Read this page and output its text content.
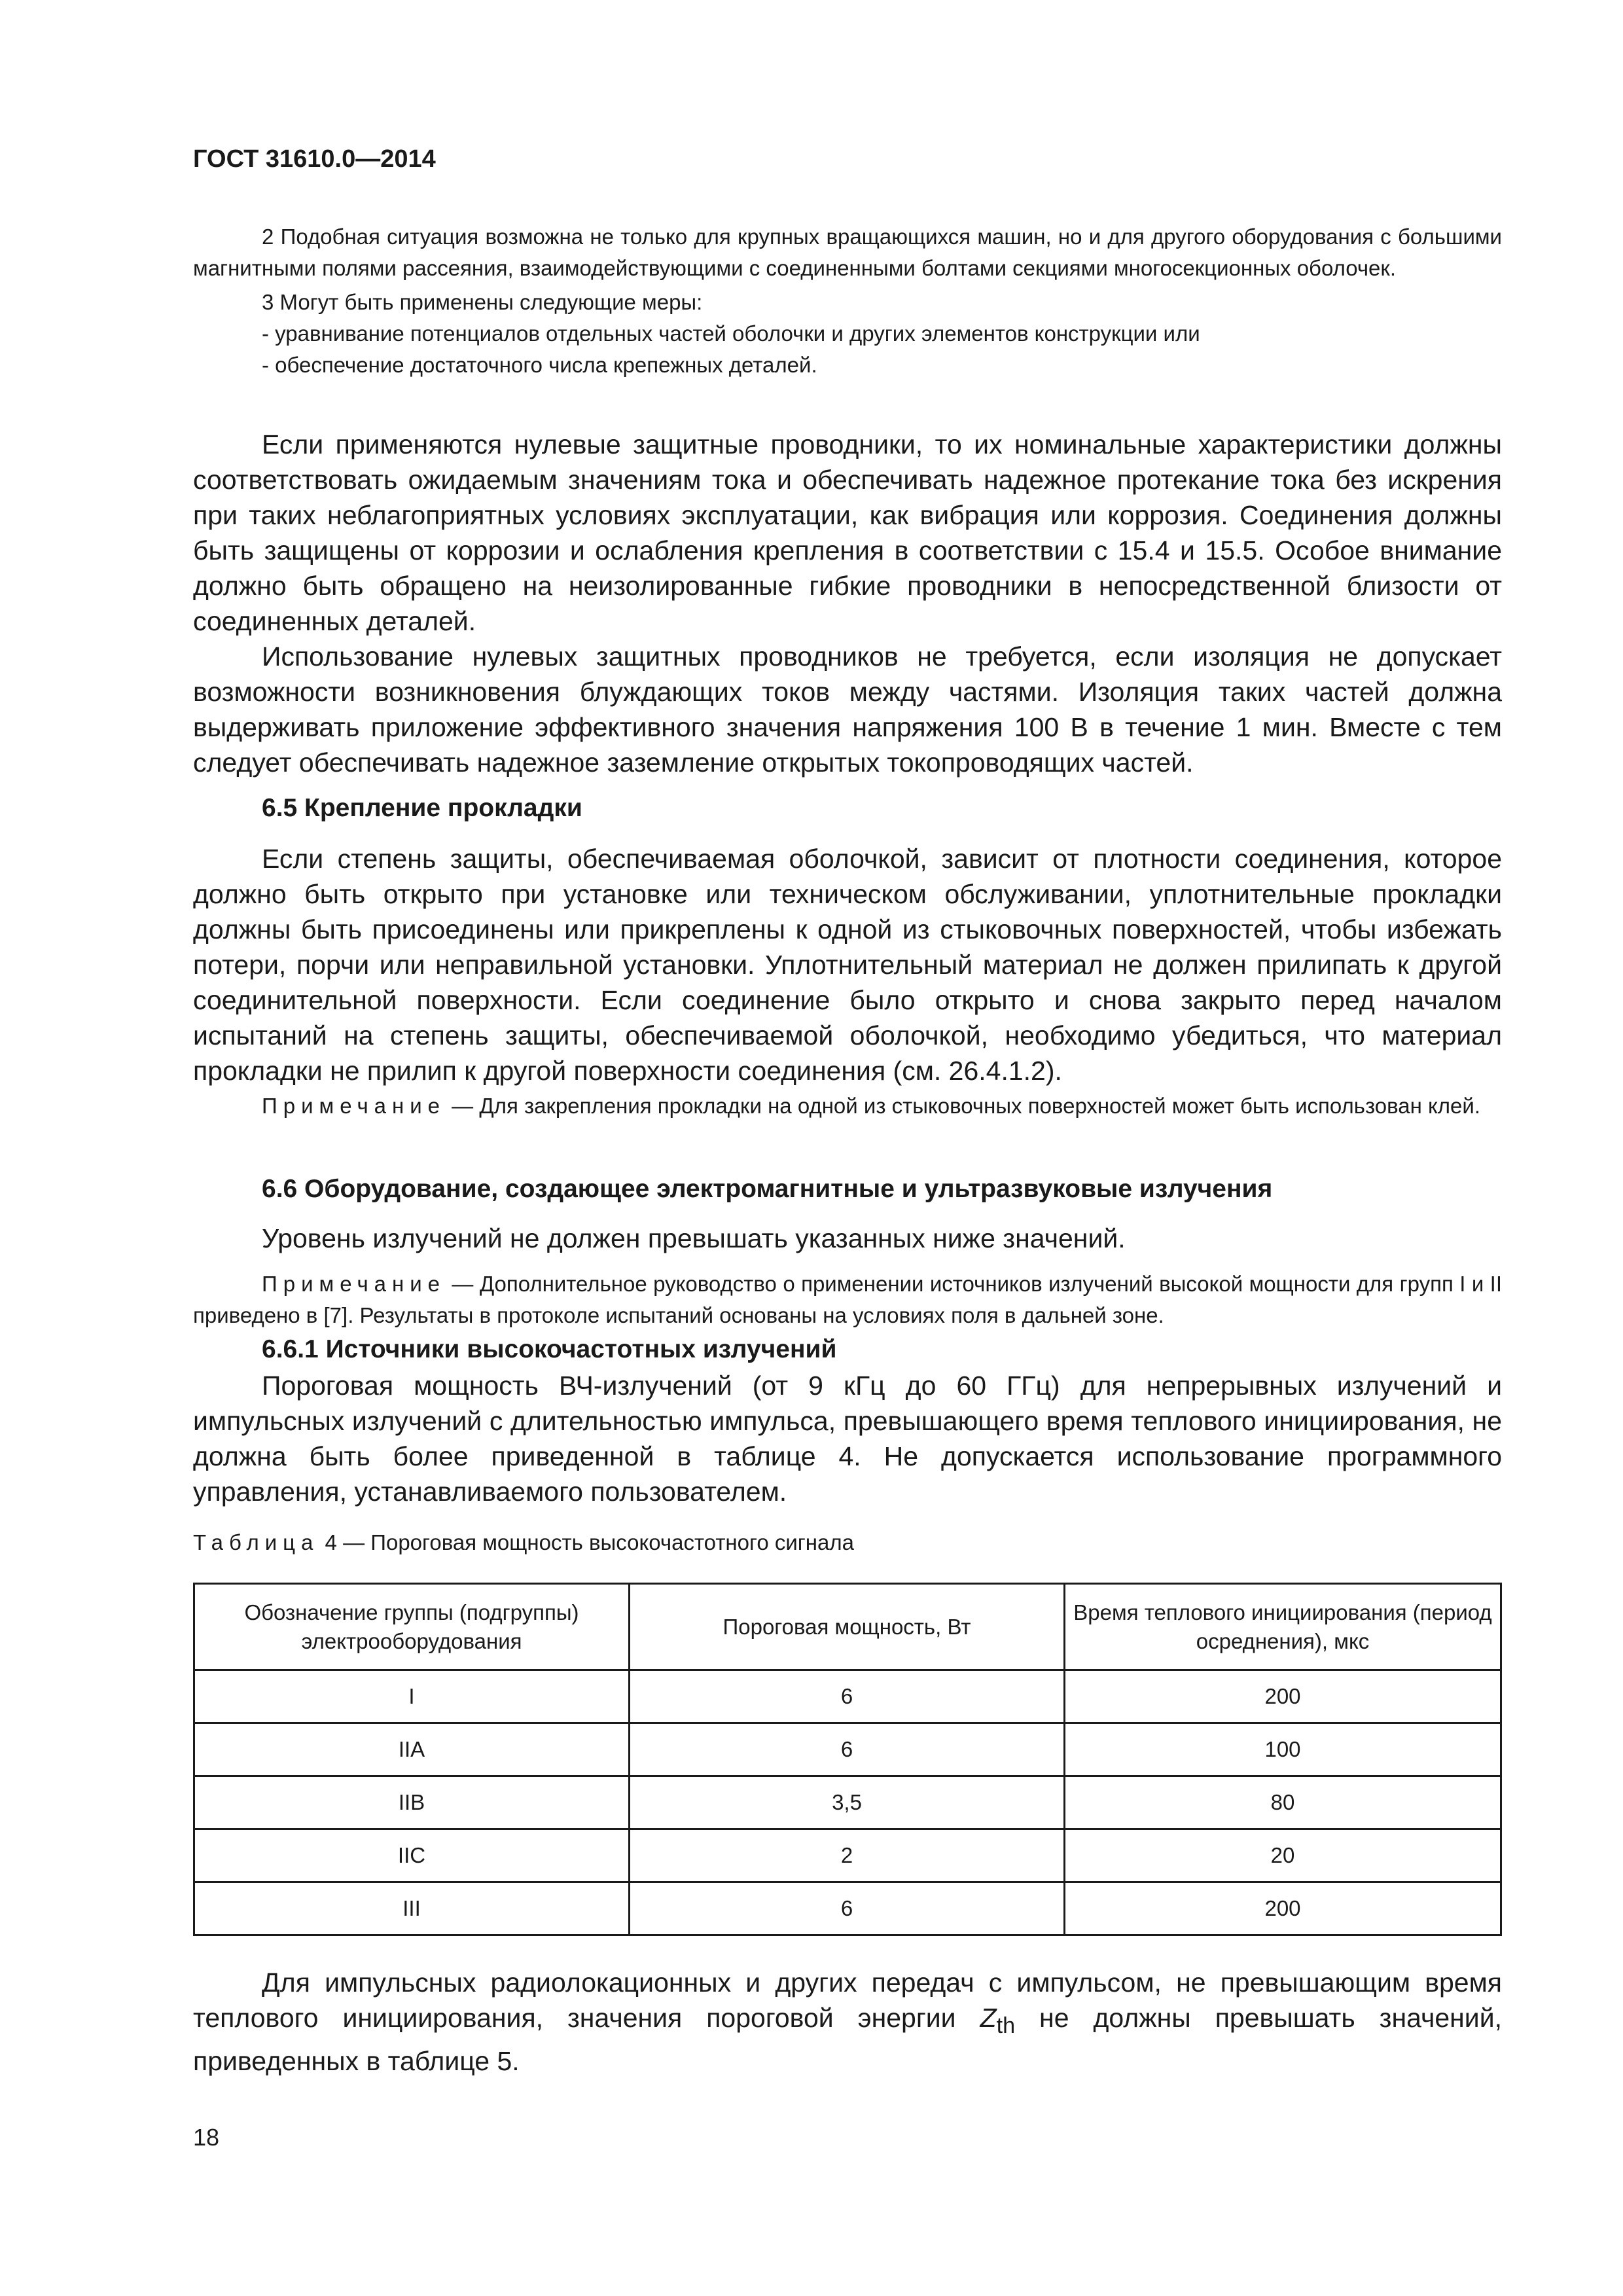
ГОСТ 31610.0—2014

2 Подобная ситуация возможна не только для крупных вращающихся машин, но и для другого оборудования с большими магнитными полями рассеяния, взаимодействующими с соединенными болтами секциями многосекционных оболочек.

3 Могут быть применены следующие меры:

- уравнивание потенциалов отдельных частей оболочки и других элементов конструкции или

- обеспечение достаточного числа крепежных деталей.

Если применяются нулевые защитные проводники, то их номинальные характеристики должны соответствовать ожидаемым значениям тока и обеспечивать надежное протекание тока без искрения при таких неблагоприятных условиях эксплуатации, как вибрация или коррозия. Соединения должны быть защищены от коррозии и ослабления крепления в соответствии с 15.4 и 15.5. Особое внимание должно быть обращено на неизолированные гибкие проводники в непосредственной близости от соединенных деталей.

Использование нулевых защитных проводников не требуется, если изоляция не допускает возможности возникновения блуждающих токов между частями. Изоляция таких частей должна выдерживать приложение эффективного значения напряжения 100 В в течение 1 мин. Вместе с тем следует обеспечивать надежное заземление открытых токопроводящих частей.

6.5 Крепление прокладки

Если степень защиты, обеспечиваемая оболочкой, зависит от плотности соединения, которое должно быть открыто при установке или техническом обслуживании, уплотнительные прокладки должны быть присоединены или прикреплены к одной из стыковочных поверхностей, чтобы избежать потери, порчи или неправильной установки. Уплотнительный материал не должен прилипать к другой соединительной поверхности. Если соединение было открыто и снова закрыто перед началом испытаний на степень защиты, обеспечиваемой оболочкой, необходимо убедиться, что материал прокладки не прилип к другой поверхности соединения (см. 26.4.1.2).

Примечание — Для закрепления прокладки на одной из стыковочных поверхностей может быть использован клей.

6.6 Оборудование, создающее электромагнитные и ультразвуковые излучения

Уровень излучений не должен превышать указанных ниже значений.

Примечание — Дополнительное руководство о применении источников излучений высокой мощности для групп I и II приведено в [7]. Результаты в протоколе испытаний основаны на условиях поля в дальней зоне.

6.6.1 Источники высокочастотных излучений

Пороговая мощность ВЧ-излучений (от 9 кГц до 60 ГГц) для непрерывных излучений и импульсных излучений с длительностью импульса, превышающего время теплового инициирования, не должна быть более приведенной в таблице 4. Не допускается использование программного управления, устанавливаемого пользователем.

Таблица 4 — Пороговая мощность высокочастотного сигнала
Обозначение группы (подгруппы) электрооборудования	Пороговая мощность, Вт	Время теплового инициирования (период осреднения), мкс
I	6	200
IIA	6	100
IIB	3,5	80
IIC	2	20
III	6	200

Для импульсных радиолокационных и других передач с импульсом, не превышающим время теплового инициирования, значения пороговой энергии $Z_{th}$ не должны превышать значений, приведенных в таблице 5.

18
